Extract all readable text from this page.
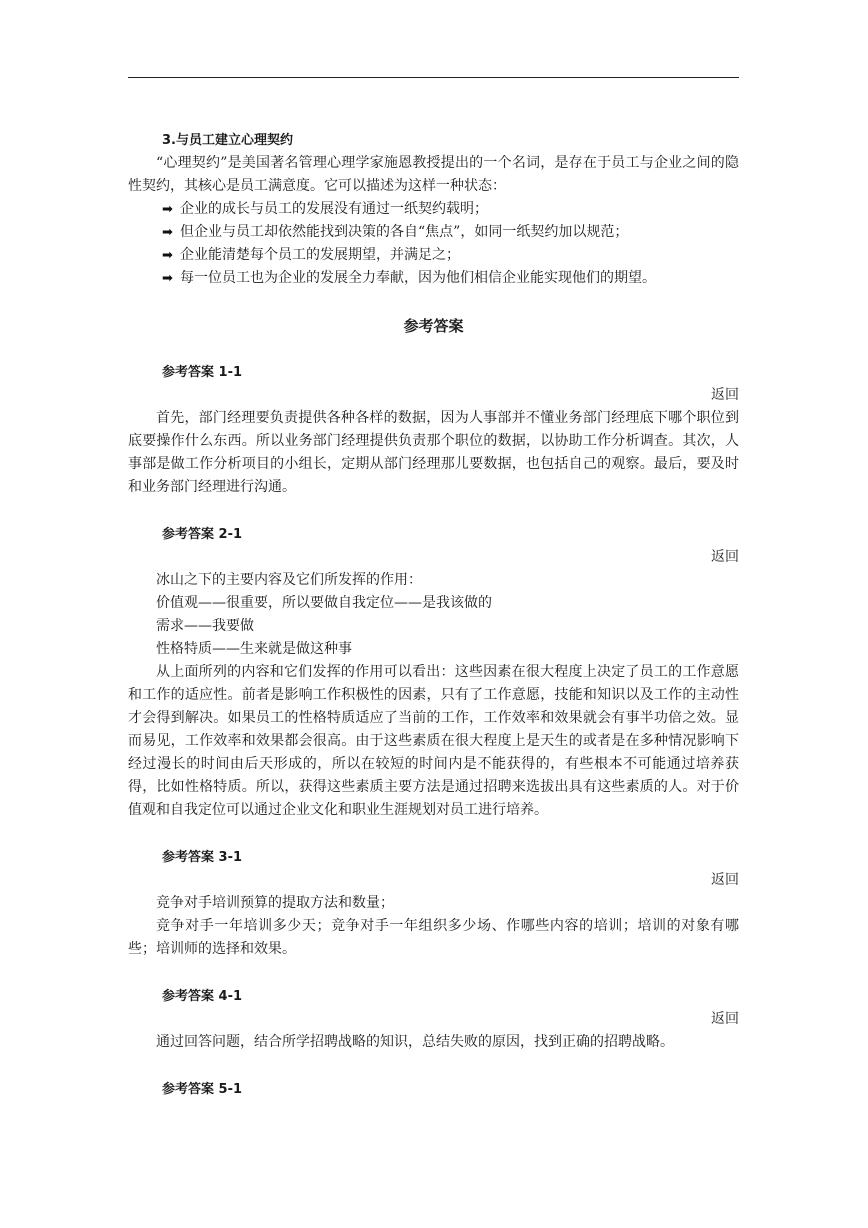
3.与员工建立心理契约
“心理契约”是美国著名管理心理学家施恩教授提出的一个名词，是存在于员工与企业之间的隐性契约，其核心是员工满意度。它可以描述为这样一种状态：
➡ 企业的成长与员工的发展没有通过一纸契约载明；
➡ 但企业与员工却依然能找到决策的各自“焦点”，如同一纸契约加以规范；
➡ 企业能清楚每个员工的发展期望，并满足之；
➡ 每一位员工也为企业的发展全力奉献，因为他们相信企业能实现他们的期望。
参考答案
参考答案 1-1
返回
首先，部门经理要负责提供各种各样的数据，因为人事部并不懂业务部门经理底下哪个职位到底要操作什么东西。所以业务部门经理提供负责那个职位的数据，以协助工作分析调查。其次，人事部是做工作分析项目的小组长，定期从部门经理那儿要数据，也包括自己的观察。最后，要及时和业务部门经理进行沟通。
参考答案 2-1
返回
冰山之下的主要内容及它们所发挥的作用：
价值观——很重要，所以要做自我定位——是我该做的
需求——我要做
性格特质——生来就是做这种事
从上面所列的内容和它们发挥的作用可以看出：这些因素在很大程度上决定了员工的工作意愿和工作的适应性。前者是影响工作积极性的因素，只有了工作意愿，技能和知识以及工作的主动性才会得到解决。如果员工的性格特质适应了当前的工作，工作效率和效果就会有事半功倍之效。显而易见，工作效率和效果都会很高。由于这些素质在很大程度上是天生的或者是在多种情况影响下经过漫长的时间由后天形成的，所以在较短的时间内是不能获得的，有些根本不可能通过培养获得，比如性格特质。所以，获得这些素质主要方法是通过招聘来选拔出具有这些素质的人。对于价值观和自我定位可以通过企业文化和职业生涯规划对员工进行培养。
参考答案 3-1
返回
竞争对手培训预算的提取方法和数量；
竞争对手一年培训多少天；竞争对手一年组织多少场、作哪些内容的培训；培训的对象有哪些；培训师的选择和效果。
参考答案 4-1
返回
通过回答问题，结合所学招聘战略的知识，总结失败的原因，找到正确的招聘战略。
参考答案 5-1
